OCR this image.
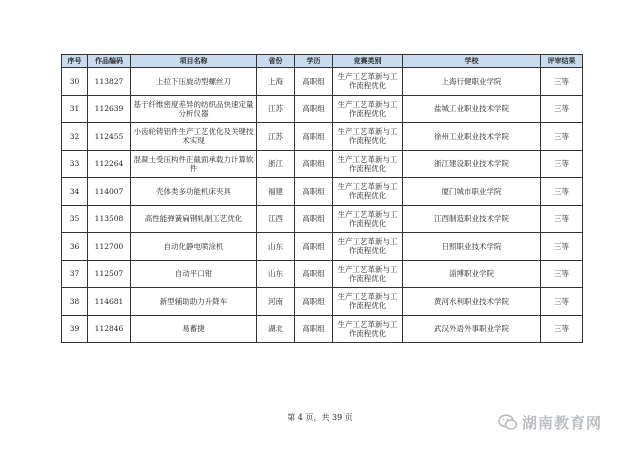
序号	作品编码	项目名称	省份	学历	竞赛类别	学校	评审结果
30	113827	上拉下压旋动型螺丝刀	上海	高职组	生产工艺革新与工作流程优化	上海行健职业学院	三等
31	112639	基于纤维密度差异的纺织品快速定量分析仪器	江苏	高职组	生产工艺革新与工作流程优化	盐城工业职业技术学院	三等
32	112455	小齿轮铸铝件生产工艺优化及关键技术实现	江苏	高职组	生产工艺革新与工作流程优化	徐州工业职业技术学院	三等
33	112264	混凝土受压构件正截面承载力计算软件	浙江	高职组	生产工艺革新与工作流程优化	浙江建设职业技术学院	三等
34	114007	壳体类多功能机床夹具	福建	高职组	生产工艺革新与工作流程优化	厦门城市职业学院	三等
35	113508	高性能弹簧扁钢轧制工艺优化	江西	高职组	生产工艺革新与工作流程优化	江西制造职业技术学院	三等
36	112700	自动化静电喷涂机	山东	高职组	生产工艺革新与工作流程优化	日照职业技术学院	三等
37	112507	自动平口钳	山东	高职组	生产工艺革新与工作流程优化	淄博职业学院	三等
38	114681	新型辅助助力升降车	河南	高职组	生产工艺革新与工作流程优化	黄河水利职业技术学院	三等
39	112846	易蓄捷	湖北	高职组	生产工艺革新与工作流程优化	武汉外语外事职业学院	三等
第 4 页，共 39 页	湖南教育网
